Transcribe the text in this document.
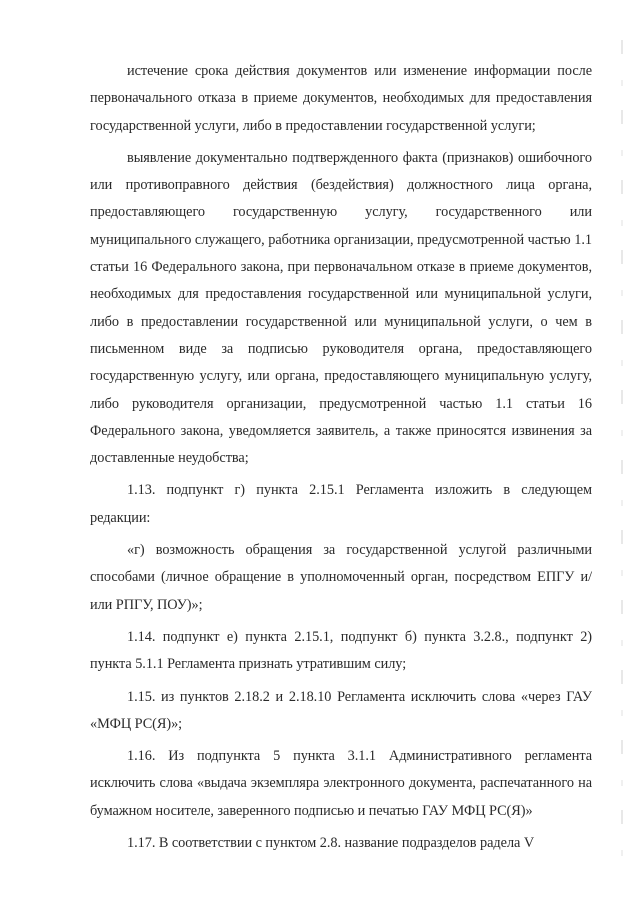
истечение срока действия документов или изменение информации после первоначального отказа в приеме документов, необходимых для предоставления государственной услуги, либо в предоставлении государственной услуги;

выявление документально подтвержденного факта (признаков) ошибочного или противоправного действия (бездействия) должностного лица органа, предоставляющего государственную услугу, государственного или муниципального служащего, работника организации, предусмотренной частью 1.1 статьи 16 Федерального закона, при первоначальном отказе в приеме документов, необходимых для предоставления государственной или муниципальной услуги, либо в предоставлении государственной или муниципальной услуги, о чем в письменном виде за подписью руководителя органа, предоставляющего государственную услугу, или органа, предоставляющего муниципальную услугу, либо руководителя организации, предусмотренной частью 1.1 статьи 16 Федерального закона, уведомляется заявитель, а также приносятся извинения за доставленные неудобства;

1.13. подпункт г) пункта 2.15.1 Регламента изложить в следующем редакции:

«г) возможность обращения за государственной услугой различными способами (личное обращение в уполномоченный орган, посредством ЕПГУ и/или РПГУ, ПОУ)»;

1.14. подпункт е) пункта 2.15.1, подпункт б) пункта 3.2.8., подпункт 2) пункта 5.1.1 Регламента признать утратившим силу;

1.15. из пунктов 2.18.2 и 2.18.10 Регламента исключить слова «через ГАУ «МФЦ РС(Я)»;

1.16. Из подпункта 5 пункта 3.1.1 Административного регламента исключить слова «выдача экземпляра электронного документа, распечатанного на бумажном носителе, заверенного подписью и печатью ГАУ МФЦ РС(Я)»

1.17. В соответствии с пунктом 2.8. название подразделов радела V
